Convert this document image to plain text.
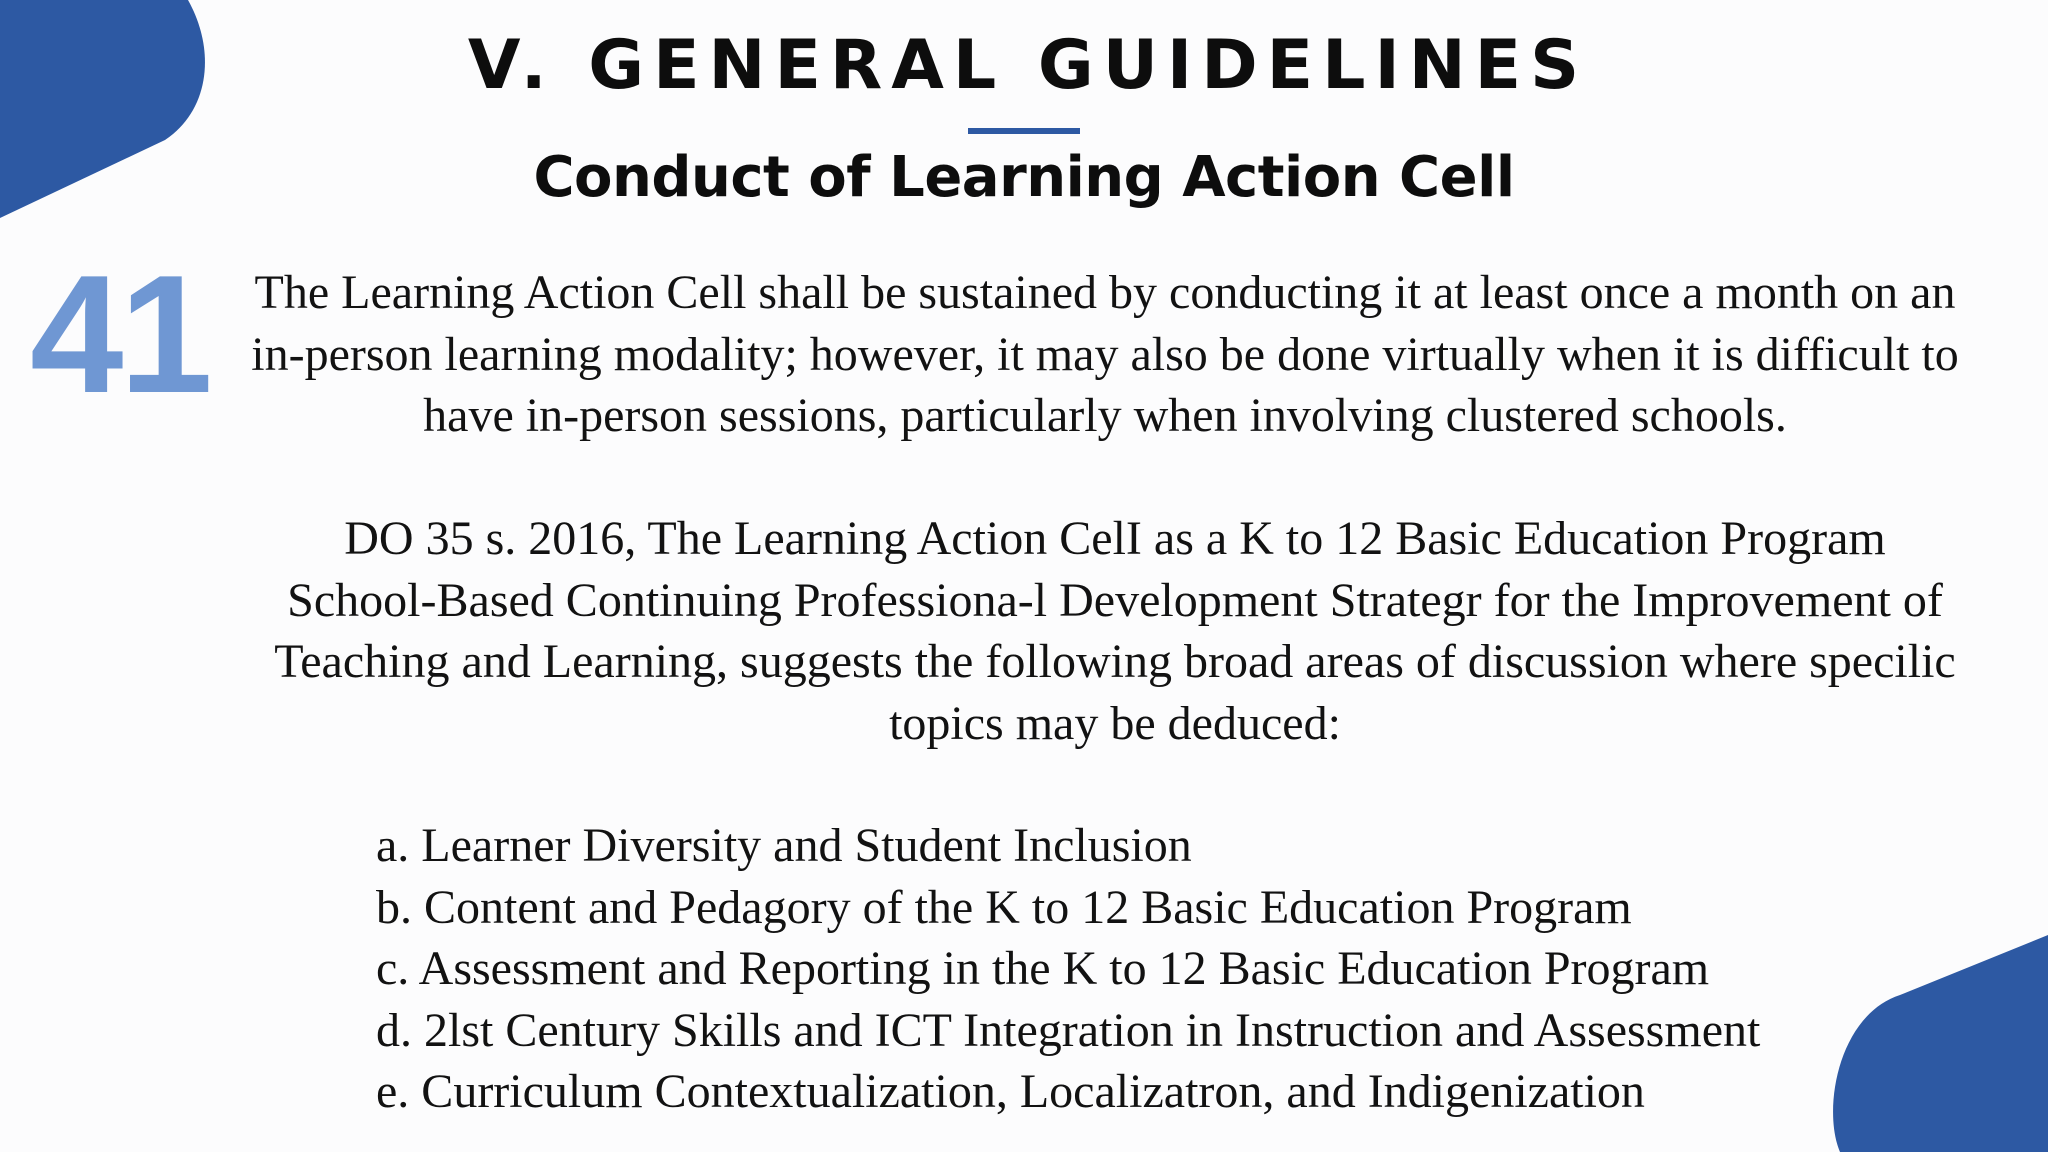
V. GENERAL GUIDELINES
Conduct of Learning Action Cell

41 The Learning Action Cell shall be sustained by conducting it at least once a month on an in-person learning modality; however, it may also be done virtually when it is difficult to have in-person sessions, particularly when involving clustered schools.

DO 35 s. 2016, The Learning Action CelI as a K to 12 Basic Education Program School-Based Continuing Professiona-l Development Strategr for the Improvement of Teaching and Learning, suggests the following broad areas of discussion where specilic topics may be deduced:

a. Learner Diversity and Student Inclusion
b. Content and Pedagory of the K to 12 Basic Education Program
c. Assessment and Reporting in the K to 12 Basic Education Program
d. 2lst Century Skills and ICT Integration in Instruction and Assessment
e. Curriculum Contextualization, Localizatron, and Indigenization
